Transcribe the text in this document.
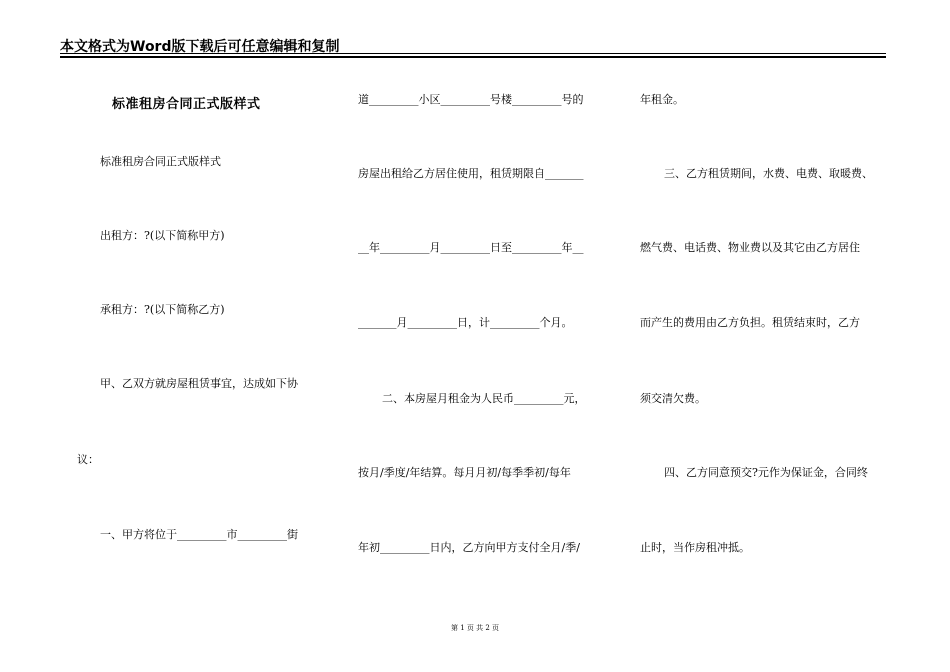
本文格式为Word版下载后可任意编辑和复制
标准租房合同正式版样式
标准租房合同正式版样式
出租方：?(以下简称甲方)
承租方：?(以下简称乙方)
甲、乙双方就房屋租赁事宜，达成如下协
议：
一、甲方将位于_________市_________街
道_________小区_________号楼_________号的
房屋出租给乙方居住使用，租赁期限自_______
__年_________月_________日至_________年__
_______月_________日，计_________个月。
二、本房屋月租金为人民币_________元，
按月/季度/年结算。每月月初/每季季初/每年
年初_________日内，乙方向甲方支付全月/季/
年租金。
三、乙方租赁期间，水费、电费、取暖费、
燃气费、电话费、物业费以及其它由乙方居住
而产生的费用由乙方负担。租赁结束时，乙方
须交清欠费。
四、乙方同意预交?元作为保证金，合同终
止时，当作房租冲抵。
第 1 页 共 2 页
